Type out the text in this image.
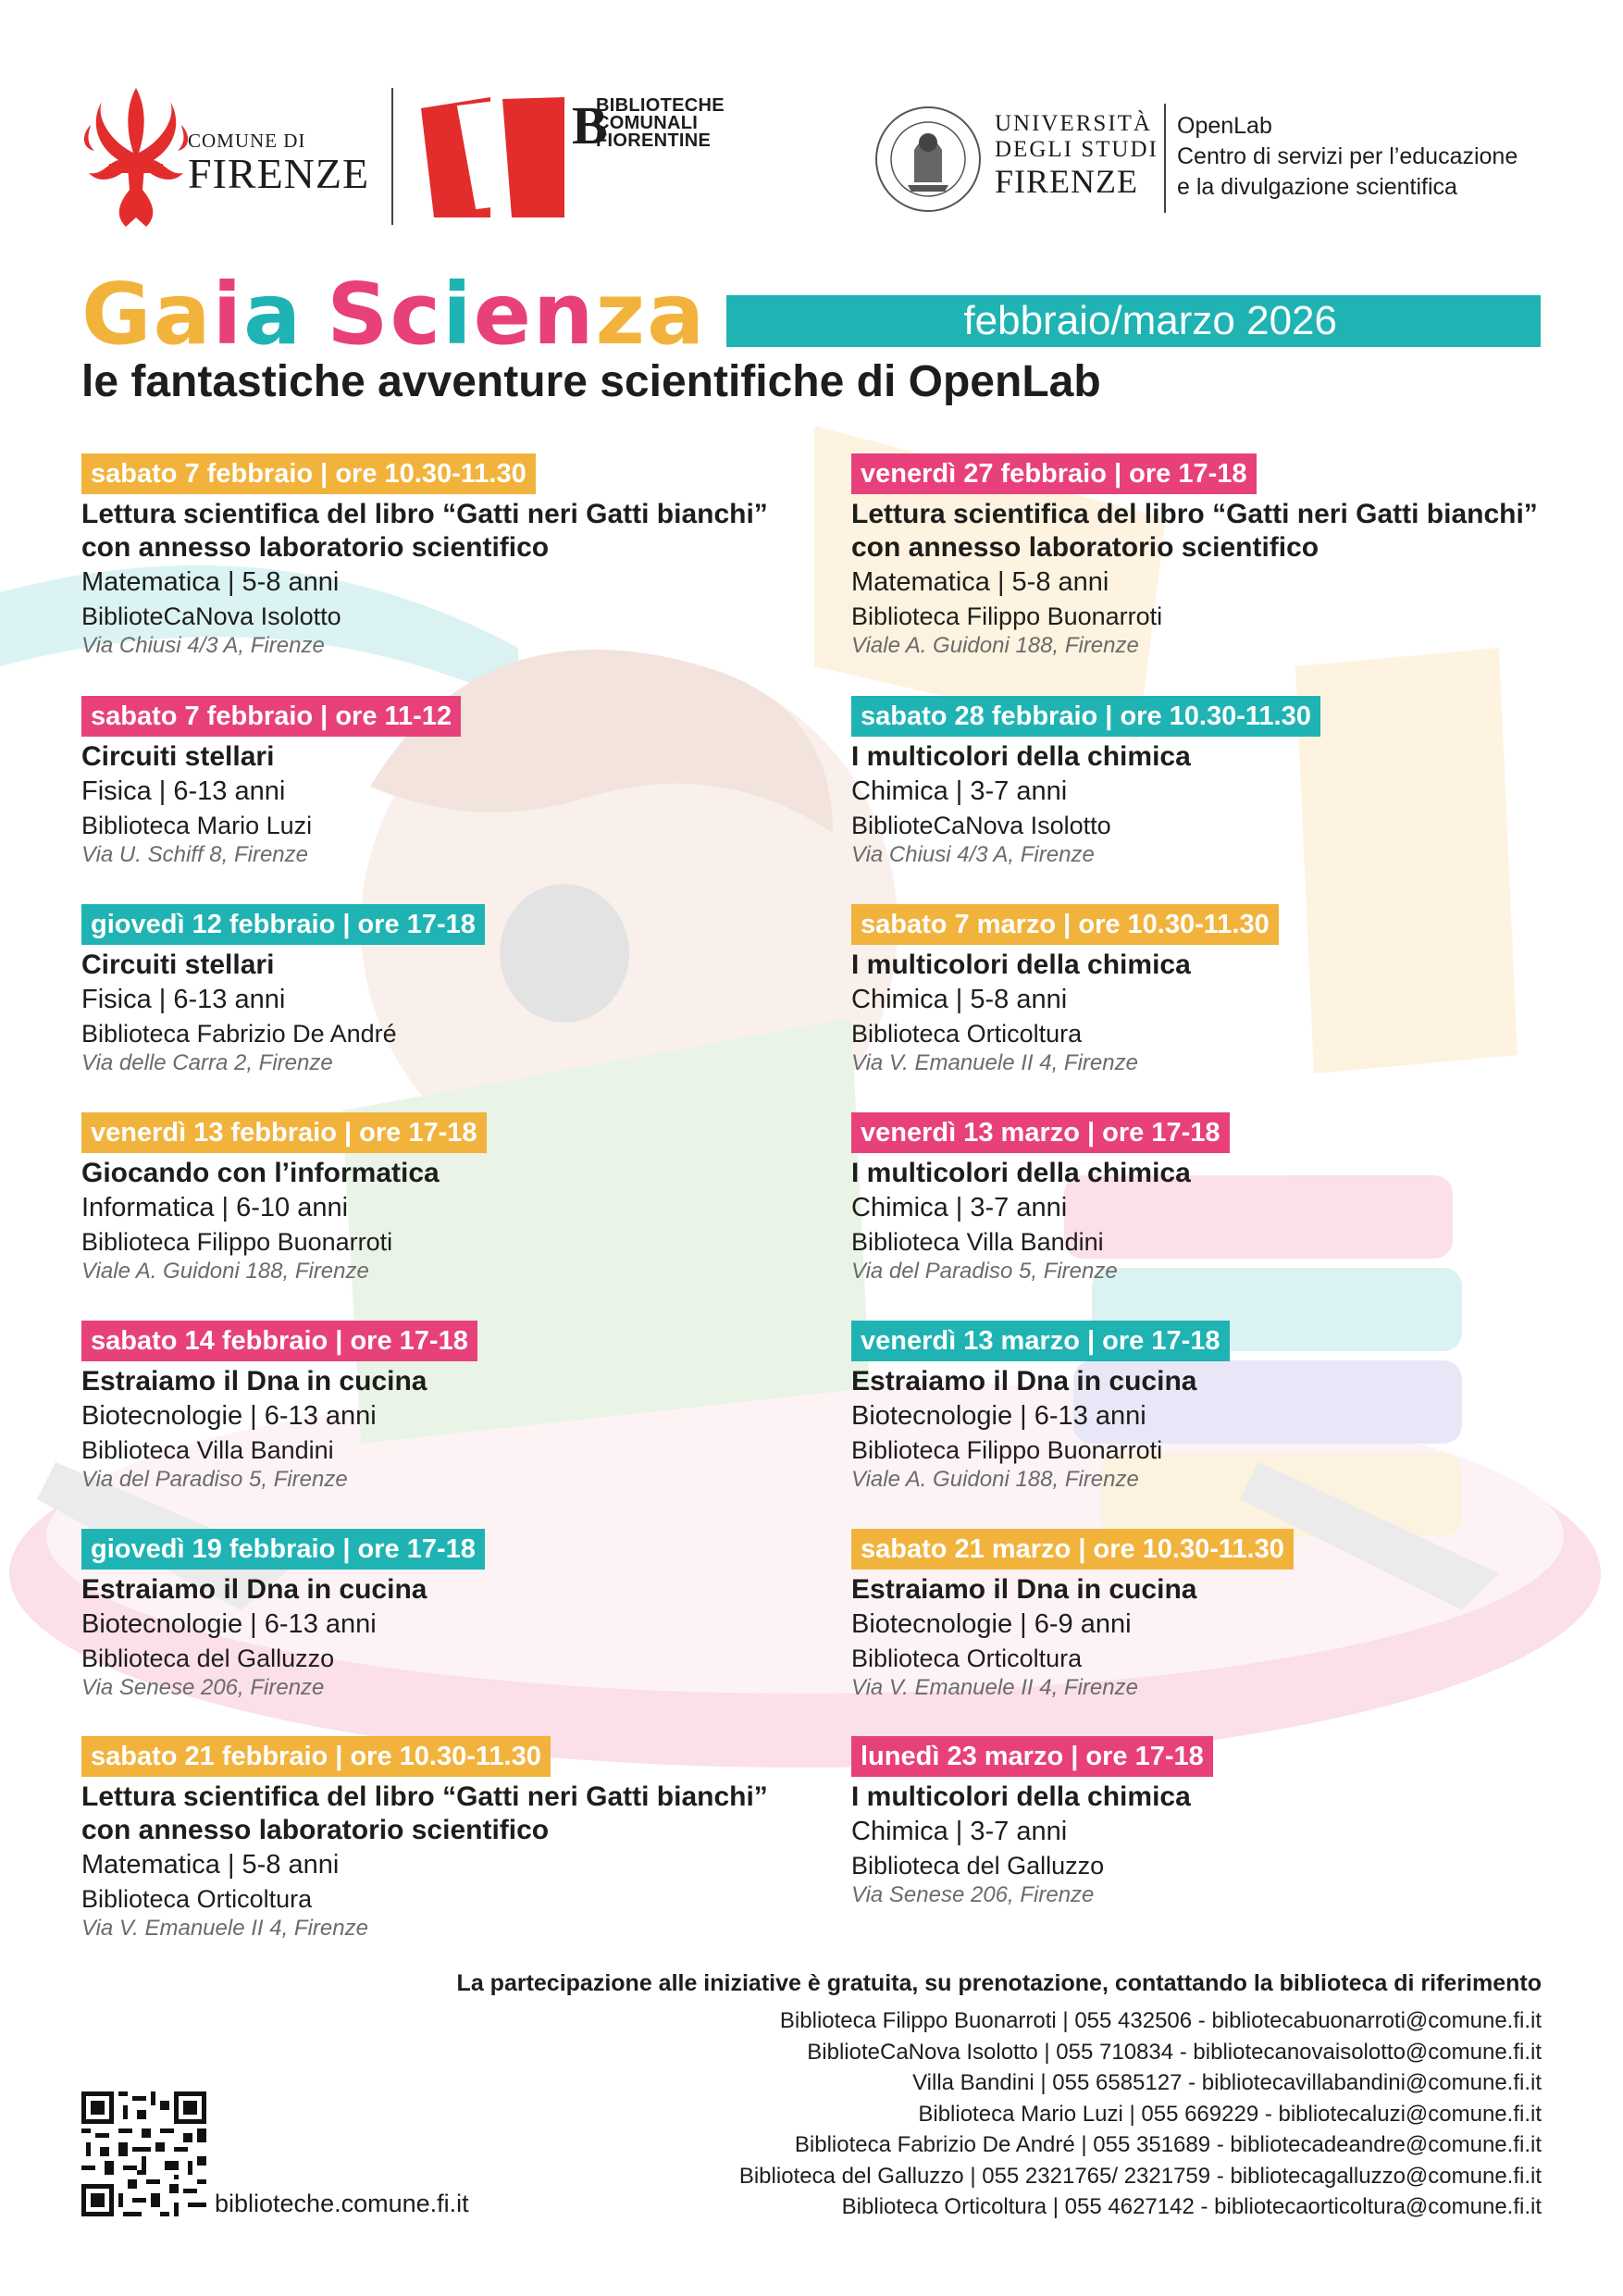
COMUNE DI
FIRENZE
B
BIBLIOTECHE
COMUNALI
FIORENTINE
UNIVERSITÀ
DEGLI STUDI
FIRENZE
OpenLab
Centro di servizi per l’educazione
e la divulgazione scientifica
Gaia Scienza	febbraio/marzo 2026
le fantastiche avventure scientifiche di OpenLab
sabato 7 febbraio | ore 10.30-11.30
Lettura scientifica del libro “Gatti neri Gatti bianchi” con annesso laboratorio scientifico
Matematica | 5-8 anni
BiblioteCaNova Isolotto
Via Chiusi 4/3 A, Firenze
sabato 7 febbraio | ore 11-12
Circuiti stellari
Fisica | 6-13 anni
Biblioteca Mario Luzi
Via U. Schiff 8, Firenze
giovedì 12 febbraio | ore 17-18
Circuiti stellari
Fisica | 6-13 anni
Biblioteca Fabrizio De André
Via delle Carra 2, Firenze
venerdì 13 febbraio | ore 17-18
Giocando con l’informatica
Informatica | 6-10 anni
Biblioteca Filippo Buonarroti
Viale A. Guidoni 188, Firenze
sabato 14 febbraio | ore 17-18
Estraiamo il Dna in cucina
Biotecnologie | 6-13 anni
Biblioteca Villa Bandini
Via del Paradiso 5, Firenze
giovedì 19 febbraio | ore 17-18
Estraiamo il Dna in cucina
Biotecnologie | 6-13 anni
Biblioteca del Galluzzo
Via Senese 206, Firenze
sabato 21 febbraio | ore 10.30-11.30
Lettura scientifica del libro “Gatti neri Gatti bianchi” con annesso laboratorio scientifico
Matematica | 5-8 anni
Biblioteca Orticoltura
Via V. Emanuele II 4, Firenze
venerdì 27 febbraio | ore 17-18
Lettura scientifica del libro “Gatti neri Gatti bianchi” con annesso laboratorio scientifico
Matematica | 5-8 anni
Biblioteca Filippo Buonarroti
Viale A. Guidoni 188, Firenze
sabato 28 febbraio | ore 10.30-11.30
I multicolori della chimica
Chimica | 3-7 anni
BiblioteCaNova Isolotto
Via Chiusi 4/3 A, Firenze
sabato 7 marzo | ore 10.30-11.30
I multicolori della chimica
Chimica | 5-8 anni
Biblioteca Orticoltura
Via V. Emanuele II 4, Firenze
venerdì 13 marzo | ore 17-18
I multicolori della chimica
Chimica | 3-7 anni
Biblioteca Villa Bandini
Via del Paradiso 5, Firenze
venerdì 13 marzo | ore 17-18
Estraiamo il Dna in cucina
Biotecnologie | 6-13 anni
Biblioteca Filippo Buonarroti
Viale A. Guidoni 188, Firenze
sabato 21 marzo | ore 10.30-11.30
Estraiamo il Dna in cucina
Biotecnologie | 6-9 anni
Biblioteca Orticoltura
Via V. Emanuele II 4, Firenze
lunedì 23 marzo | ore 17-18
I multicolori della chimica
Chimica | 3-7 anni
Biblioteca del Galluzzo
Via Senese 206, Firenze
La partecipazione alle iniziative è gratuita, su prenotazione, contattando la biblioteca di riferimento
Biblioteca Filippo Buonarroti | 055 432506 - bibliotecabuonarroti@comune.fi.it
BiblioteCaNova Isolotto | 055 710834 - bibliotecanovaisolotto@comune.fi.it
Villa Bandini | 055 6585127 - bibliotecavillabandini@comune.fi.it
Biblioteca Mario Luzi | 055 669229 - bibliotecaluzi@comune.fi.it
Biblioteca Fabrizio De André | 055 351689 - bibliotecadeandre@comune.fi.it
Biblioteca del Galluzzo | 055 2321765/ 2321759 - bibliotecagalluzzo@comune.fi.it
Biblioteca Orticoltura | 055 4627142 - bibliotecaorticoltura@comune.fi.it
biblioteche.comune.fi.it
